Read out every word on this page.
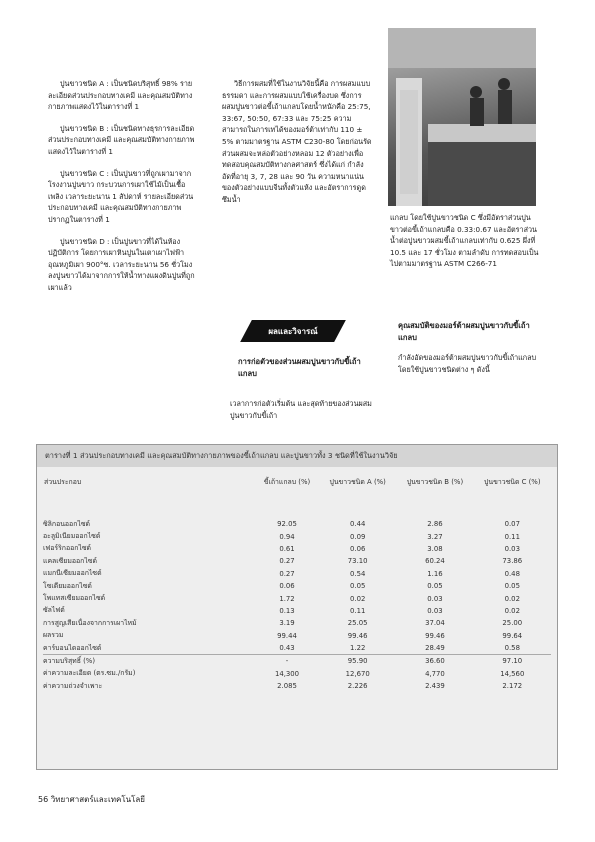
ปูนขาวชนิด A : เป็นชนิดบริสุทธิ์ 98% รายละเอียดส่วนประกอบทางเคมี และคุณสมบัติทางกายภาพแสดงไว้ในตารางที่ 1

ปูนขาวชนิด B : เป็นชนิดทางธุรการละเอียดส่วนประกอบทางเคมี และคุณสมบัติทางกายภาพแสดงไว้ในตารางที่ 1

ปูนขาวชนิด C : เป็นปูนขาวที่ถูกเผามาจากโรงงานปูนขาว กระบวนการเผาใช้ไม้เป็นเชื้อเพลิง เวลาระยะนาน 1 สัปดาห์ รายละเอียดส่วนประกอบทางเคมี และคุณสมบัติทางกายภาพปรากฏในตารางที่ 1

ปูนขาวชนิด D : เป็นปูนขาวที่ได้ในห้องปฏิบัติการ โดยการเผาหินปูนในเตาเผาไฟฟ้า อุณหภูมิเผา 900°ซ. เวลาระยะนาน 56 ชั่วโมง ลงปูนขาวได้มาจากการให้น้ำทางแผงดินปูนที่ถูกเผาแล้ว

วิธีการผสมที่ใช้ในงานวิจัยนี้คือ การผสมแบบธรรมดา และการผสมแบบใช้เครื่องบด ซึ่งการผสมปูนขาวต่อขี้เถ้าแกลบโดยน้ำหนักคือ 25:75, 33:67, 50:50, 67:33 และ 75:25 ความสามารถในการเทได้ของมอร์ต้าเท่ากับ 110 ± 5% ตามมาตรฐาน ASTM C230-80 โดยก่อนรัดส่วนผสมจะหล่อตัวอย่างหลอม 12 ตัวอย่างเพื่อทดสอบคุณสมบัติทางกลศาสตร์ ซึ่งได้แก่ กำลังอัดที่อายุ 3, 7, 28 และ 90 วัน ความหนาแน่นของตัวอย่างแบบจีนทั้งตัวแห้ง และอัตราการดูดซึมน้ำ

แกลบ โดยใช้ปูนขาวชนิด C ซึ่งมีอัตราส่วนปูนขาวต่อขี้เถ้าแกลบคือ 0.33:0.67 และอัตราส่วนน้ำต่อปูนขาวผสมขี้เถ้าแกลบเท่ากับ 0.625 ผึ่งที่ 10.5 และ 17 ชั่วโมง ตามลำดับ การทดสอบเป็นไปตามมาตรฐาน ASTM C266-71

ผลและวิจารณ์
การก่อตัวของส่วนผสมปูนขาวกับขี้เถ้าแกลบ
เวลาการก่อตัวเริ่มต้น และสุดท้ายของส่วนผสมปูนขาวกับขี้เถ้า
คุณสมบัติของมอร์ต้าผสมปูนขาวกับขี้เถ้าแกลบ
กำลังอัดของมอร์ต้าผสมปูนขาวกับขี้เถ้าแกลบ โดยใช้ปูนขาวชนิดต่าง ๆ ดังนี้
ตารางที่ 1 ส่วนประกอบทางเคมี และคุณสมบัติทางกายภาพของขี้เถ้าแกลบ และปูนขาวทั้ง 3 ชนิดที่ใช้ในงานวิจัย
ส่วนประกอบ	ขี้เถ้าแกลบ (%)	ปูนขาวชนิด A (%)	ปูนขาวชนิด B (%)	ปูนขาวชนิด C (%)
ซิลิกอนออกไซด์	92.05	0.44	2.86	0.07
อะลูมิเนียมออกไซด์	0.94	0.09	3.27	0.11
เฟอร์ริกออกไซด์	0.61	0.06	3.08	0.03
แคลเซียมออกไซด์	0.27	73.10	60.24	73.86
แมกนีเซียมออกไซด์	0.27	0.54	1.16	0.48
โซเดียมออกไซด์	0.06	0.05	0.05	0.05
โพแทสเซียมออกไซด์	1.72	0.02	0.03	0.02
ซัลไฟต์	0.13	0.11	0.03	0.02
การสูญเสียเนื่องจากการเผาไหม้	3.19	25.05	37.04	25.00
ผลรวม	99.44	99.46	99.46	99.64
คาร์บอนไดออกไซด์	0.43	1.22	28.49	0.58
ความบริสุทธิ์ (%)	-	95.90	36.60	97.10
ค่าความละเอียด (ตร.ซม./กรัม)	14,300	12,670	4,770	14,560
ค่าความถ่วงจำเพาะ	2.085	2.226	2.439	2.172
56 วิทยาศาสตร์และเทคโนโลยี
